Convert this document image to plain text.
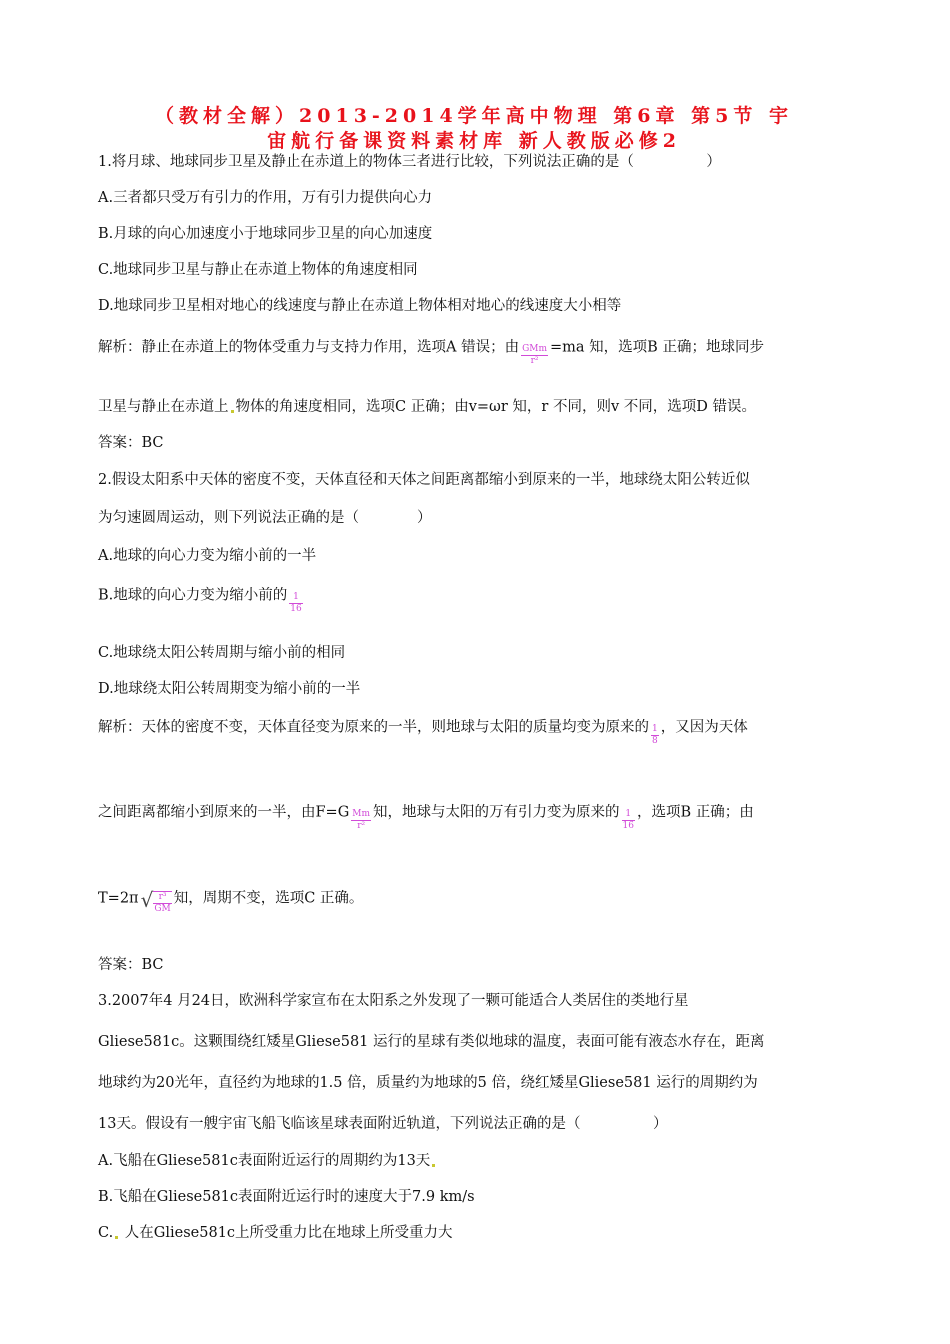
（教材全解）2013-2014学年高中物理 第6章 第5节 宇
宙航行备课资料素材库 新人教版必修2
1.将月球、地球同步卫星及静止在赤道上的物体三者进行比较，下列说法正确的是（　　　　　）
A.三者都只受万有引力的作用，万有引力提供向心力
B.月球的向心加速度小于地球同步卫星的向心加速度
C.地球同步卫星与静止在赤道上物体的角速度相同
D.地球同步卫星相对地心的线速度与静止在赤道上物体相对地心的线速度大小相等
解析：静止在赤道上的物体受重力与支持力作用，选项A 错误；由 $\frac{\text{GMm}}{\text{r²}} =ma$ 知，选项B 正确；地球同步
卫星与静止在赤道上 物体的角速度相同，选项C 正确；由v=ωr 知，r 不同，则v 不同，选项D 错误。
答案：BC
2.假设太阳系中天体的密度不变，天体直径和天体之间距离都缩小到原来的一半，地球绕太阳公转近似
为匀速圆周运动，则下列说法正确的是（　　　　）
A.地球的向心力变为缩小前的一半
B.地球的向心力变为缩小前的 $\frac{1}{16}$
C.地球绕太阳公转周期与缩小前的相同
D.地球绕太阳公转周期变为缩小前的一半
解析：天体的密度不变，天体直径变为原来的一半，则地球与太阳的质量均变为原来的 $\frac{1}{8}$ ，又因为天体
之间距离都缩小到原来的一半，由$F=G \frac{Mm}{\text{r²}}$ 知，地球与太阳的万有引力变为原来的 $\frac{1}{16}$ ，选项B 正确；由
T=2π √ $\frac{\text{r³}}{GM}$ 知，周期不变，选项C 正确。
答案：BC
3.2007年4 月24日，欧洲科学家宣布在太阳系之外发现了一颗可能适合人类居住的类地行星
Gliese581c。这颗围绕红矮星Gliese581 运行的星球有类似地球的温度，表面可能有液态水存在，距离
地球约为20光年，直径约为地球的1.5 倍，质量约为地球的5 倍，绕红矮星Gliese581 运行的周期约为
13天。假设有一艘宇宙飞船飞临该星球表面附近轨道，下列说法正确的是（　　　　　）
A.飞船在Gliese581c表面附近运行的周期约为13天
B.飞船在Gliese581c表面附近运行时的速度大于7.9 km/s
C. 人在Gliese581c上所受重力比在地球上所受重力大
